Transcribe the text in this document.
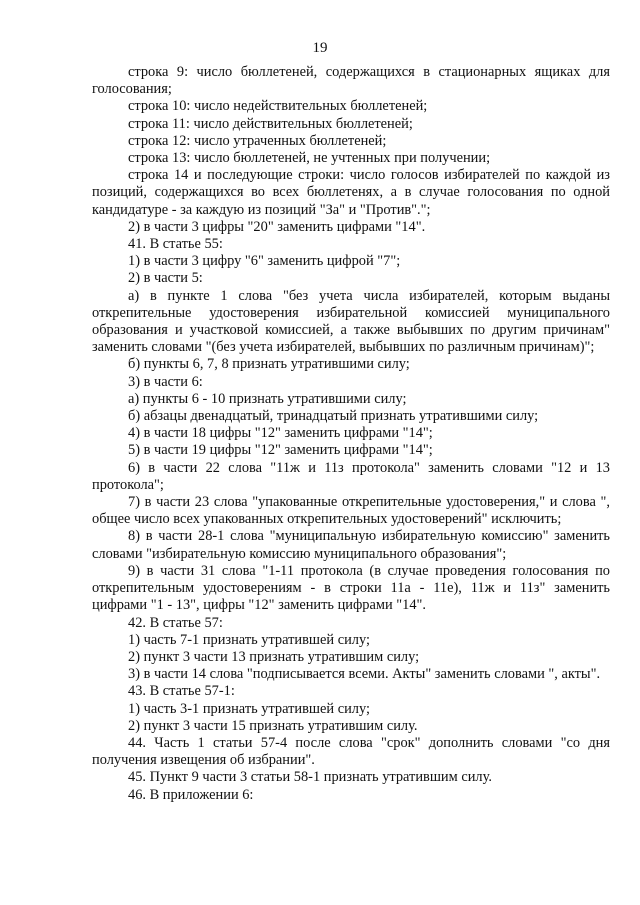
19

строка 9: число бюллетеней, содержащихся в стационарных ящиках для голосования;

строка 10: число недействительных бюллетеней;

строка 11: число действительных бюллетеней;

строка 12: число утраченных бюллетеней;

строка 13: число бюллетеней, не учтенных при получении;

строка 14 и последующие строки: число голосов избирателей по каждой из позиций, содержащихся во всех бюллетенях, а в случае голосования по одной кандидатуре - за каждую из позиций "За" и "Против".";

2) в части 3 цифры "20" заменить цифрами "14".

41. В статье 55:

1) в части 3 цифру "6" заменить цифрой "7";

2) в части 5:

а) в пункте 1 слова "без учета числа избирателей, которым выданы открепительные удостоверения избирательной комиссией муниципального образования и участковой комиссией, а также выбывших по другим причинам" заменить словами "(без учета избирателей, выбывших по различным причинам)";

б) пункты 6, 7, 8 признать утратившими силу;

3) в части 6:

а) пункты 6 - 10 признать утратившими силу;

б) абзацы двенадцатый, тринадцатый признать утратившими силу;

4) в части 18 цифры "12" заменить цифрами "14";

5) в части 19 цифры "12" заменить цифрами "14";

6) в части 22 слова "11ж и 11з протокола" заменить словами "12 и 13 протокола";

7) в части 23 слова "упакованные открепительные удостоверения," и слова ", общее число всех упакованных открепительных удостоверений" исключить;

8) в части 28-1 слова "муниципальную избирательную комиссию" заменить словами "избирательную комиссию муниципального образования";

9) в части 31 слова "1-11 протокола (в случае проведения голосования по открепительным удостоверениям - в строки 11а - 11е), 11ж и 11з" заменить цифрами "1 - 13", цифры "12" заменить цифрами "14".

42. В статье 57:

1) часть 7-1 признать утратившей силу;

2) пункт 3 части 13 признать утратившим силу;

3) в части 14 слова "подписывается всеми. Акты" заменить словами ", акты".

43. В статье 57-1:

1) часть 3-1 признать утратившей силу;

2) пункт 3 части 15 признать утратившим силу.

44. Часть 1 статьи 57-4 после слова "срок" дополнить словами "со дня получения извещения об избрании".

45. Пункт 9 части 3 статьи 58-1 признать утратившим силу.

46. В приложении 6:
